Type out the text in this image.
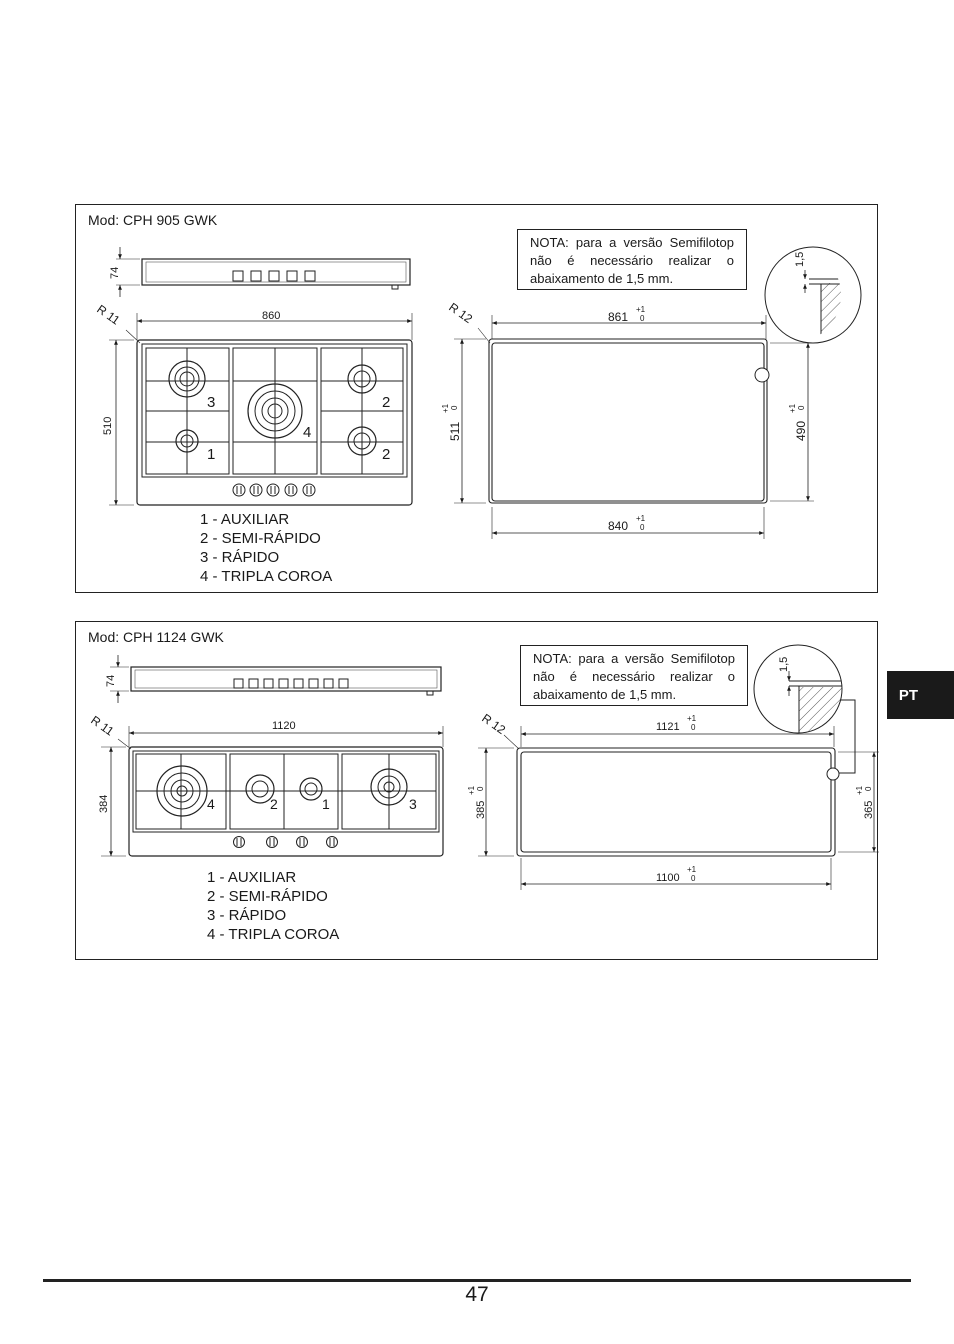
74
860
R 11
3	2
4
1	2
510
R 12	861
+1
0
511
+1 0
490
+1 0
840
+1
0
1,5
Mod: CPH 905 GWK

NOTA: para a versão Semifilotop não é necessário realizar o abaixamento de 1,5 mm.

1 - AUXILIAR
2 - SEMI-RÁPIDO
3 - RÁPIDO
4 - TRIPLA COROA
74
R 11	1120
4	2	1	3
384
R 12	1121
+1
0
385
+1 0
365
+1 0
1100
+1
0
1,5
Mod: CPH 1124 GWK

NOTA: para a versão Semifilotop não é necessário realizar o abaixamento de 1,5 mm.

1 - AUXILIAR
2 - SEMI-RÁPIDO
3 - RÁPIDO
4 - TRIPLA COROA
PT
47
